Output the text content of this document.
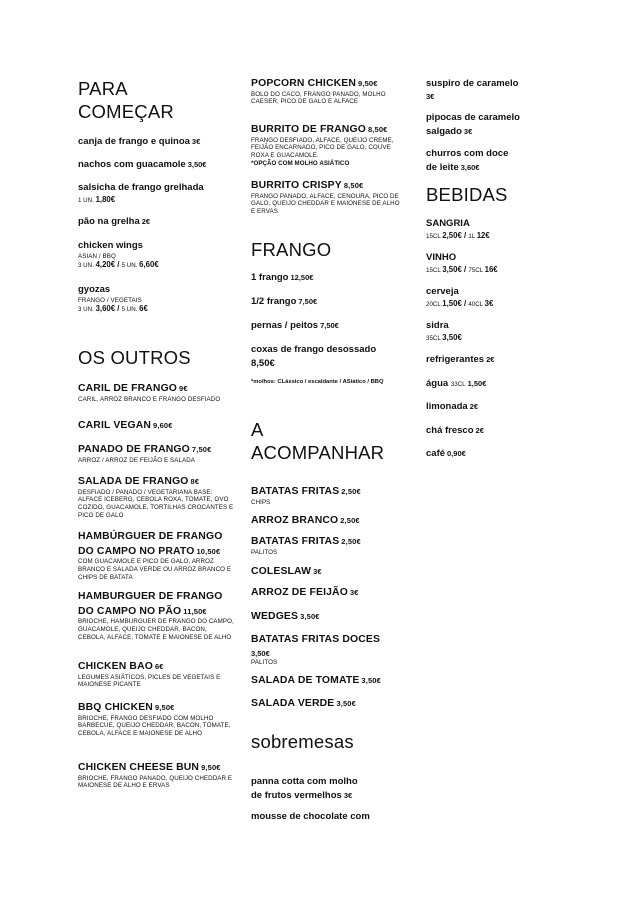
PARA
COMEÇAR
canja de frango e quinoa 3€
nachos com guacamole 3,50€
salsicha de frango grelhada
1 UN. 1,80€
pão na grelha 2€
chicken wings
ASIAN / BBQ
3 UN. 4,20€ / 5 UN. 6,60€
gyozas
FRANGO / VEGETAIS
3 UN. 3,60€ / 5 UN. 6€
OS OUTROS
CARIL DE FRANGO 9€
CARIL, ARROZ BRANCO E FRANGO DESFIADO
CARIL VEGAN 9,60€
PANADO DE FRANGO 7,50€
ARROZ / ARROZ DE FEIJÃO E SALADA
SALADA DE FRANGO 8€
DESFIADO / PANADO / VEGETARIANA BASE: ALFACE ICEBERG, CEBOLA ROXA, TOMATE, OVO COZIDO, GUACAMOLE, TORTILHAS CROCANTES E PICO DE GALO
HAMBÚRGUER DE FRANGO
DO CAMPO NO PRATO 10,50€
COM GUACAMOLE E PICO DE GALO, ARROZ BRANCO E SALADA VERDE OU ARROZ BRANCO E CHIPS DE BATATA
HAMBURGUER DE FRANGO
DO CAMPO NO PÃO 11,50€
BRIOCHE, HAMBURGUER DE FRANGO DO CAMPO, GUACAMOLE, QUEIJO CHEDDAR, BACON, CEBOLA, ALFACE, TOMATE E MAIONESE DE ALHO
CHICKEN BAO 6€
LEGUMES ASIÁTICOS, PICLES DE VEGETAIS E MAIONESE PICANTE
BBQ CHICKEN 9,50€
BRIOCHE, FRANGO DESFIADO COM MOLHO BARBECUE, QUEIJO CHEDDAR, BACON, TOMATE, CEBOLA, ALFACE E MAIONESE DE ALHO
CHICKEN CHEESE BUN 9,50€
BRIOCHE, FRANGO PANADO, QUEIJO CHEDDAR E MAIONESE DE ALHO E ERVAS
POPCORN CHICKEN 9,50€
BOLO DO CACO, FRANGO PANADO, MOLHO CAESER, PICO DE GALO E ALFACE
BURRITO DE FRANGO 8,50€
FRANGO DESFIADO, ALFACE, QUEIJO CREME, FEIJÃO ENCARNADO, PICO DE GALO, COUVE ROXA E GUACAMOLE.
*OPÇÃO COM MOLHO ASIÁTICO
BURRITO CRISPY 8,50€
FRANGO PANADO, ALFACE, CENOURA, PICO DE GALO, QUEIJO CHEDDAR E MAIONESE DE ALHO E ERVAS
FRANGO
1 frango 12,50€
1/2 frango 7,50€
pernas / peitos 7,50€
coxas de frango desossado
8,50€
*molhos: CLássico / escaldante / ASiático / BBQ
A
ACOMPANHAR
BATATAS FRITAS 2,50€
CHIPS
ARROZ BRANCO 2,50€
BATATAS FRITAS 2,50€
PALITOS
COLESLAW 3€
ARROZ DE FEIJÃO 3€
WEDGES 3,50€
BATATAS FRITAS DOCES
3,50€
PALITOS
SALADA DE TOMATE 3,50€
SALADA VERDE 3,50€
sobremesas
panna cotta com molho
de frutos vermelhos 3€
mousse de chocolate com
suspiro de caramelo
3€
pipocas de caramelo
salgado 3€
churros com doce
de leite 3,60€
BEBIDAS
SANGRIA
15CL 2,50€ / 1L 12€
VINHO
15CL 3,50€ / 75CL 16€
cerveja
20CL 1,50€ / 40CL 3€
sidra
35CL 3,50€
refrigerantes 2€
água 33CL 1,50€
limonada 2€
chá fresco 2€
café 0,90€
